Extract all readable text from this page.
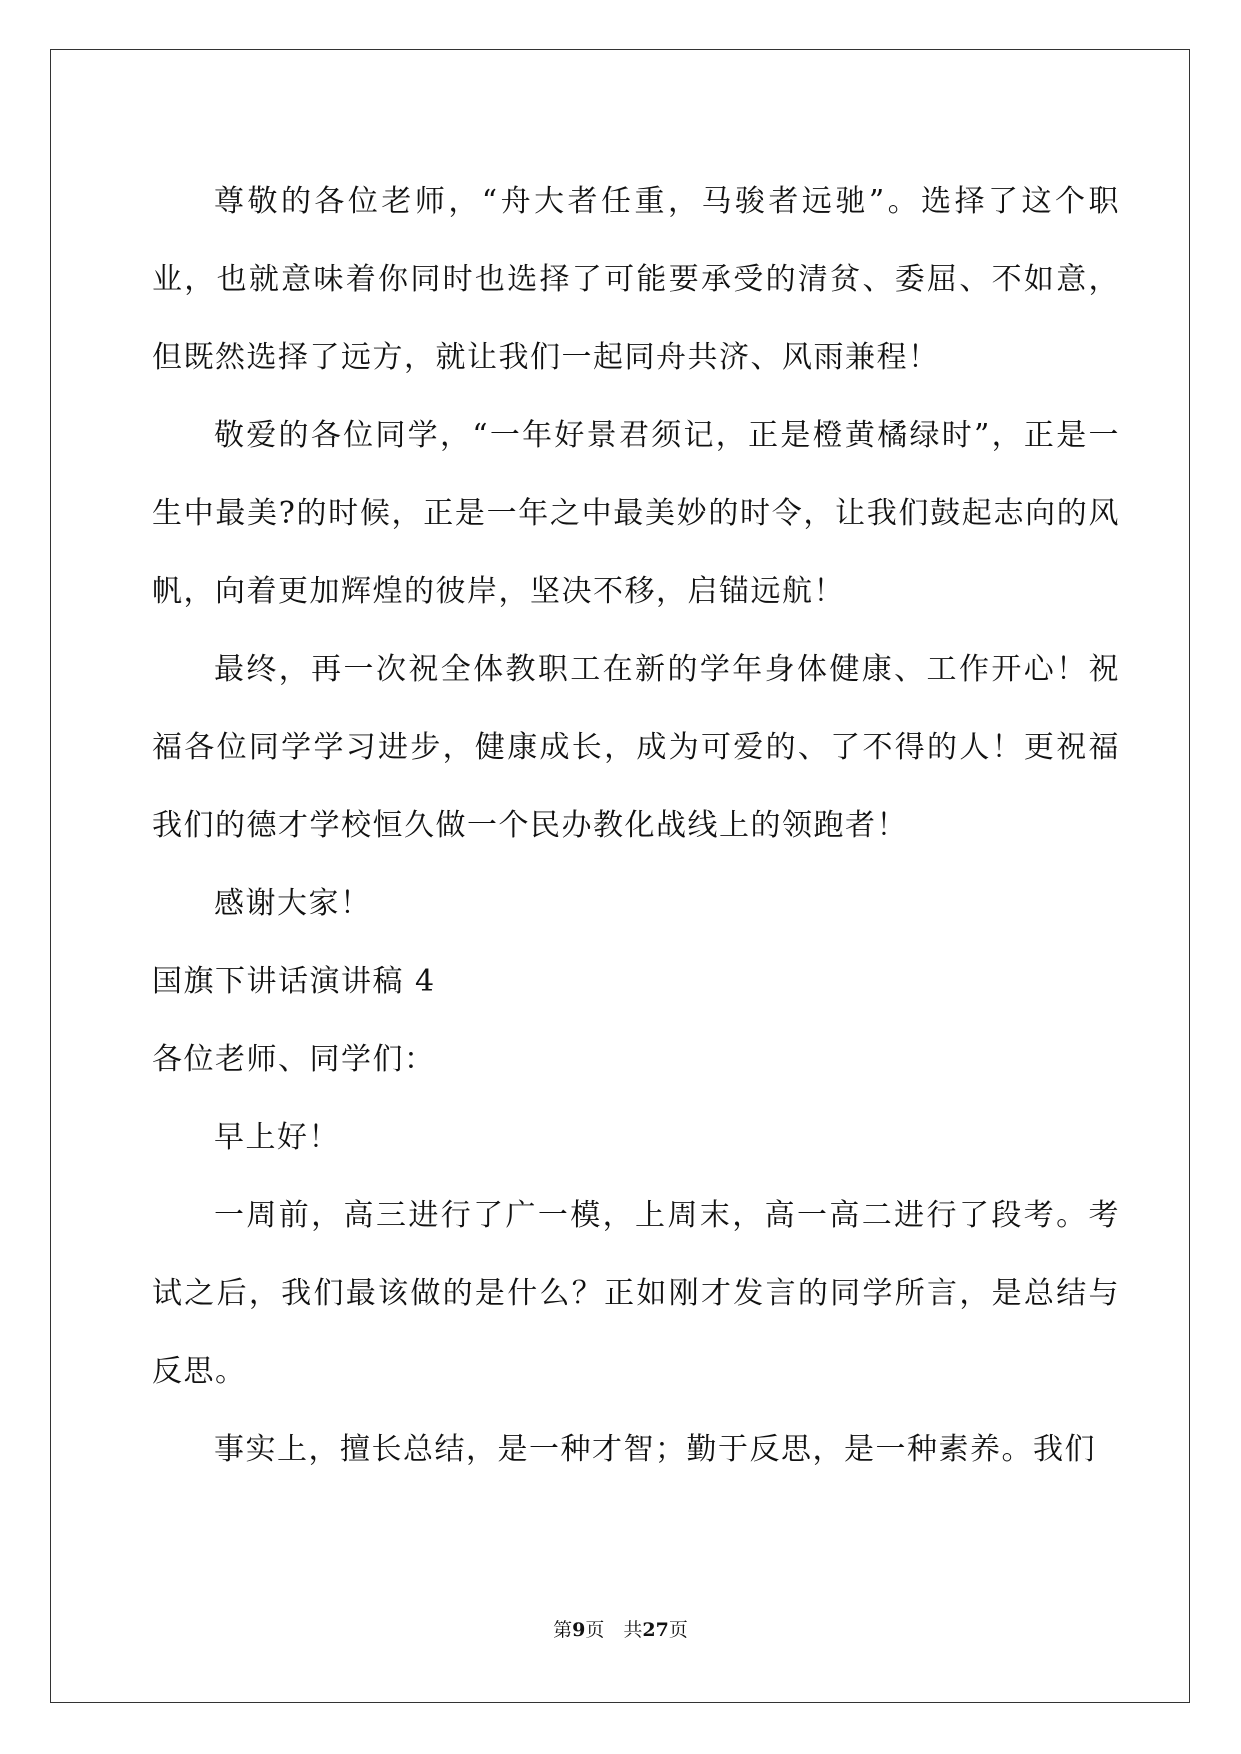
尊敬的各位老师，“舟大者任重，马骏者远驰”。选择了这个职业，也就意味着你同时也选择了可能要承受的清贫、委屈、不如意，但既然选择了远方，就让我们一起同舟共济、风雨兼程！

敬爱的各位同学，“一年好景君须记，正是橙黄橘绿时”，正是一生中最美?的时候，正是一年之中最美妙的时令，让我们鼓起志向的风帆，向着更加辉煌的彼岸，坚决不移，启锚远航！

最终，再一次祝全体教职工在新的学年身体健康、工作开心！祝福各位同学学习进步，健康成长，成为可爱的、了不得的人！更祝福我们的德才学校恒久做一个民办教化战线上的领跑者！

感谢大家！

国旗下讲话演讲稿 4

各位老师、同学们：

早上好！

一周前，高三进行了广一模，上周末，高一高二进行了段考。考试之后，我们最该做的是什么？正如刚才发言的同学所言，是总结与反思。

事实上，擅长总结，是一种才智；勤于反思，是一种素养。我们

第9页　共27页
